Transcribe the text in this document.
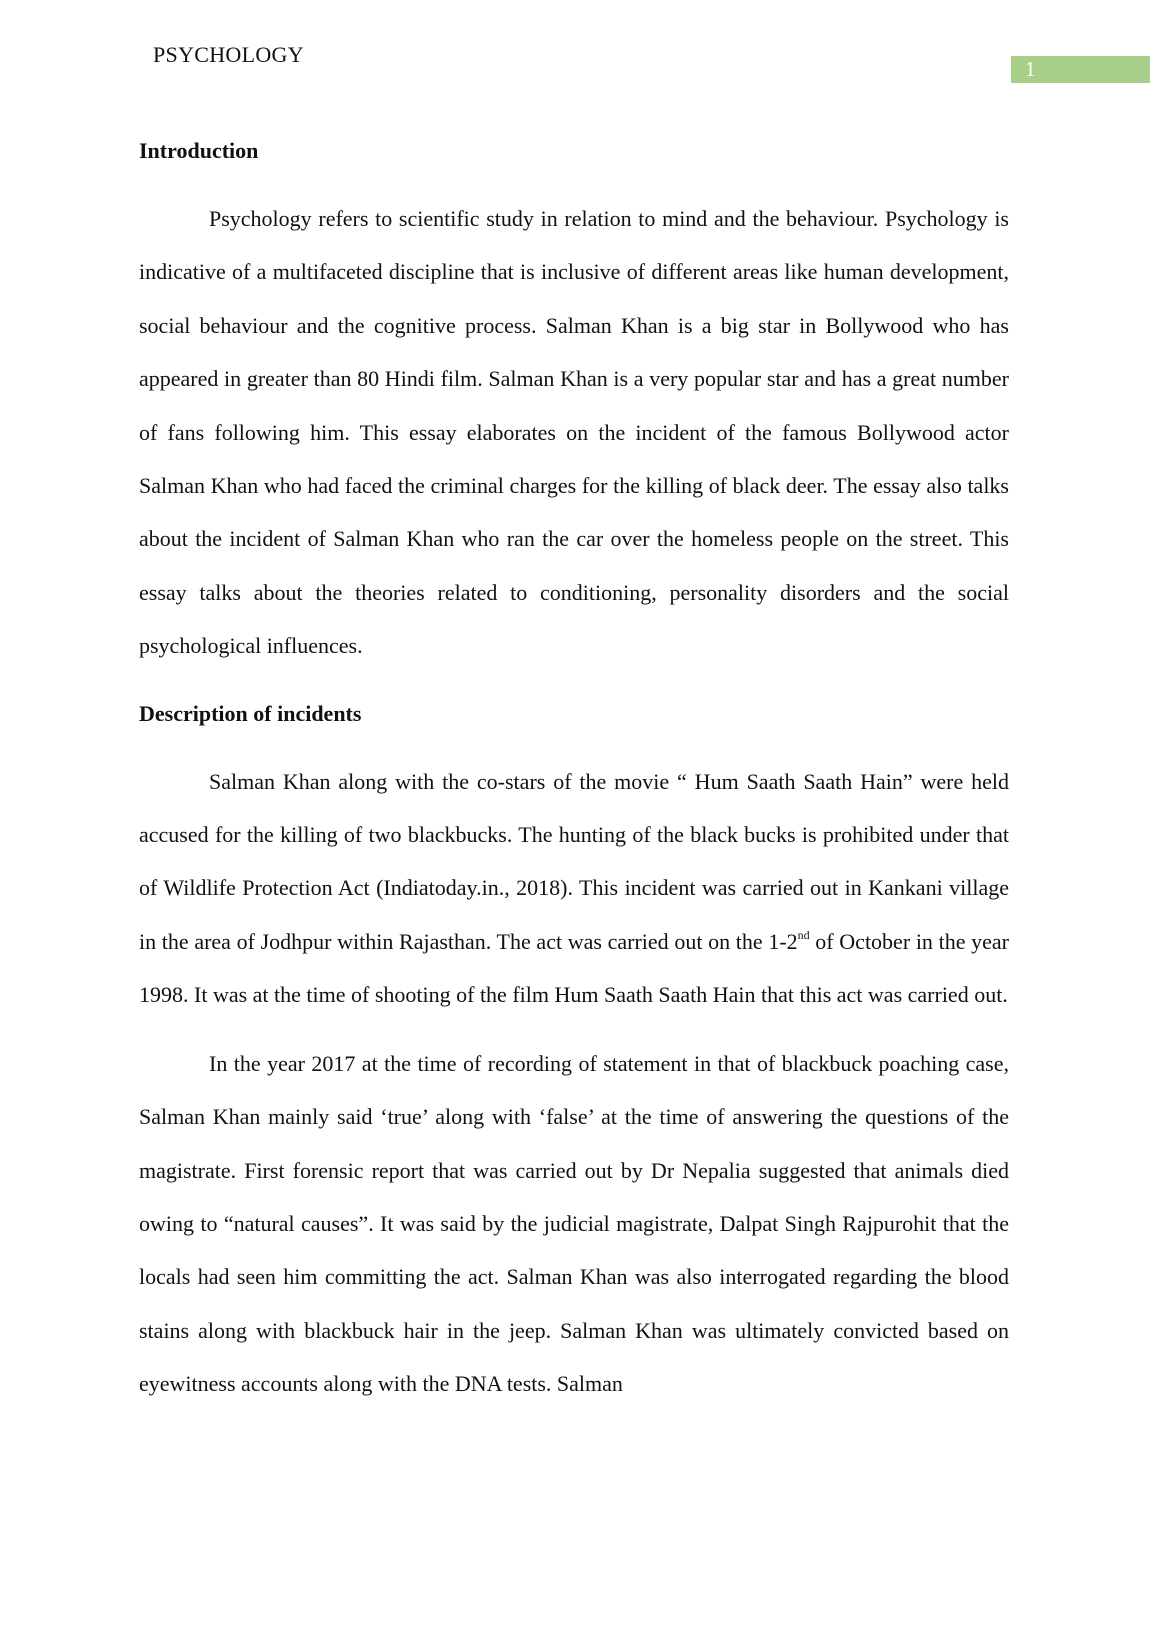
PSYCHOLOGY
1
Introduction

Psychology refers to scientific study in relation to mind and the behaviour. Psychology is indicative of a multifaceted discipline that is inclusive of different areas like human development, social behaviour and the cognitive process. Salman Khan is a big star in Bollywood who has appeared in greater than 80 Hindi film. Salman Khan is a very popular star and has a great number of fans following him. This essay elaborates on the incident of the famous Bollywood actor Salman Khan who had faced the criminal charges for the killing of black deer. The essay also talks about the incident of Salman Khan who ran the car over the homeless people on the street. This essay talks about the theories related to conditioning, personality disorders and the social psychological influences.

Description of incidents

Salman Khan along with the co-stars of the movie “ Hum Saath Saath Hain” were held accused for the killing of two blackbucks. The hunting of the black bucks is prohibited under that of Wildlife Protection Act (Indiatoday.in., 2018). This incident was carried out in Kankani village in the area of Jodhpur within Rajasthan. The act was carried out on the 1-2nd of October in the year 1998. It was at the time of shooting of the film Hum Saath Saath Hain that this act was carried out.

In the year 2017 at the time of recording of statement in that of blackbuck poaching case, Salman Khan mainly said ‘true’ along with ‘false’ at the time of answering the questions of the magistrate. First forensic report that was carried out by Dr Nepalia suggested that animals died owing to “natural causes”. It was said by the judicial magistrate, Dalpat Singh Rajpurohit that the locals had seen him committing the act. Salman Khan was also interrogated regarding the blood stains along with blackbuck hair in the jeep. Salman Khan was ultimately convicted based on eyewitness accounts along with the DNA tests. Salman
